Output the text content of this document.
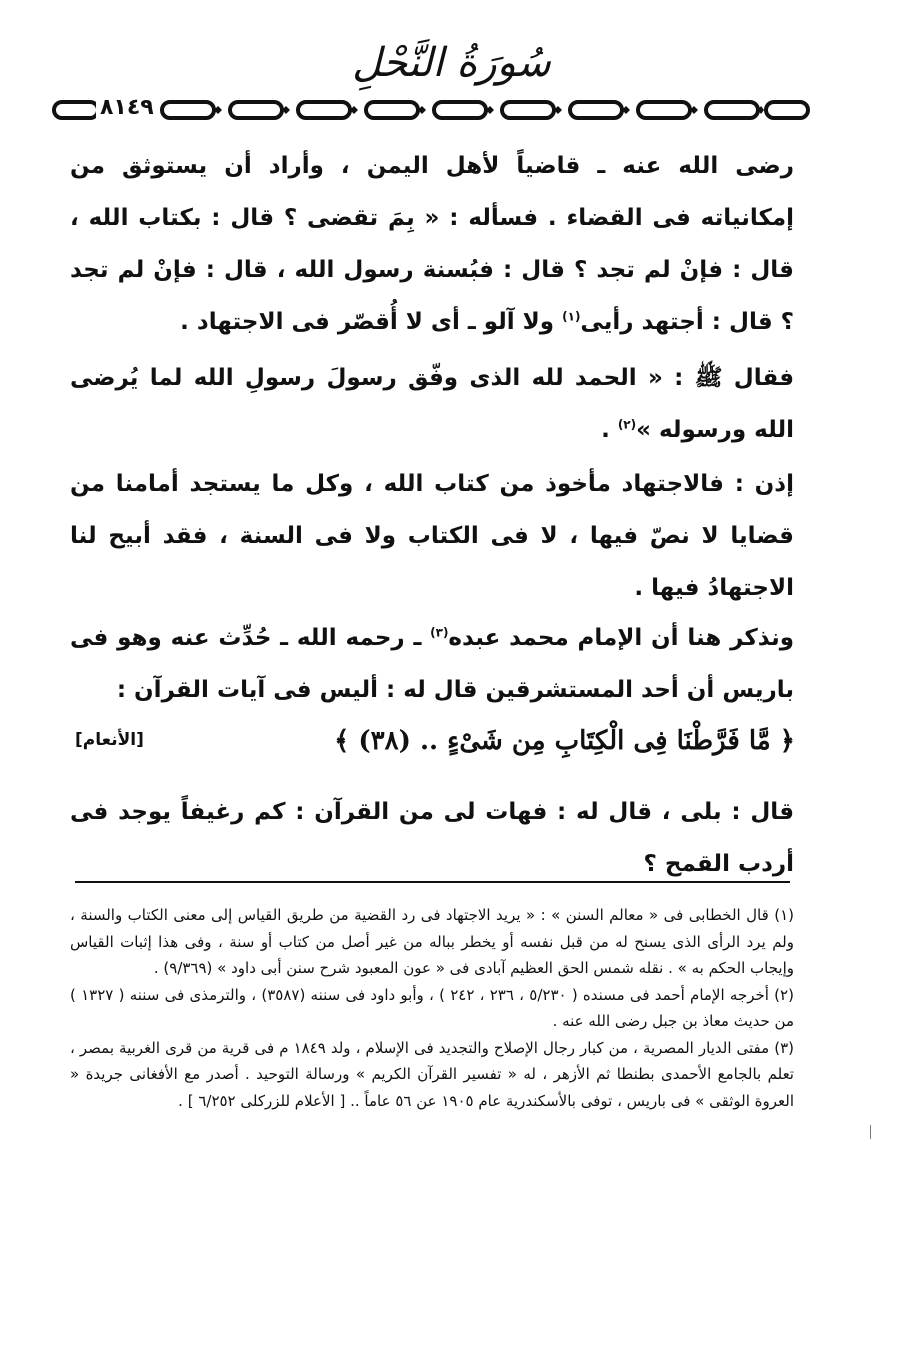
سُورَةُ النَّحْلِ
٨١٤٩

رضى الله عنه ـ قاضياً لأهل اليمن ، وأراد أن يستوثق من إمكانياته فى القضاء . فسأله : « بِمَ تقضى ؟ قال : بكتاب الله ، قال : فإنْ لم تجد ؟ قال : فبُسنة رسول الله ، قال : فإنْ لم تجد ؟ قال : أجتهد رأيى$^{(١)}$ ولا آلو ـ أى لا أُقصّر فى الاجتهاد .

فقال ﷺ : « الحمد لله الذى وفّق رسولَ رسولِ الله لما يُرضى الله ورسوله »$^{(٢)}$ .

إذن : فالاجتهاد مأخوذ من كتاب الله ، وكل ما يستجد أمامنا من قضايا لا نصّ فيها ، لا فى الكتاب ولا فى السنة ، فقد أبيح لنا الاجتهادُ فيها .

ونذكر هنا أن الإمام محمد عبده$^{(٣)}$ ـ رحمه الله ـ حُدِّث عنه وهو فى باريس أن أحد المستشرقين قال له : أليس فى آيات القرآن :

﴿ مَّا فَرَّطْنَا فِى الْكِتَابِ مِن شَىْءٍ .. (٣٨) ﴾
[الأنعام]

قال : بلى ، قال له : فهات لى من القرآن : كم رغيفاً يوجد فى أردب القمح ؟

(١) قال الخطابى فى « معالم السنن » : « يريد الاجتهاد فى رد القضية من طريق القياس إلى معنى الكتاب والسنة ، ولم يرد الرأى الذى يسنح له من قبل نفسه أو يخطر بباله من غير أصل من كتاب أو سنة ، وفى هذا إثبات القياس وإيجاب الحكم به » . نقله شمس الحق العظيم آبادى فى « عون المعبود شرح سنن أبى داود » (٩/٣٦٩) .
(٢) أخرجه الإمام أحمد فى مسنده ( ٥/٢٣٠ ، ٢٣٦ ، ٢٤٢ ) ، وأبو داود فى سننه (٣٥٨٧) ، والترمذى فى سننه ( ١٣٢٧ ) من حديث معاذ بن جبل رضى الله عنه .
(٣) مفتى الديار المصرية ، من كبار رجال الإصلاح والتجديد فى الإسلام ، ولد ١٨٤٩ م فى قرية من قرى الغربية بمصر ، تعلم بالجامع الأحمدى بطنطا ثم الأزهر ، له « تفسير القرآن الكريم » ورسالة التوحيد . أصدر مع الأفغانى جريدة « العروة الوثقى » فى باريس ، توفى بالأسكندرية عام ١٩٠٥ عن ٥٦ عاماً .. [ الأعلام للزركلى ٦/٢٥٢ ] .
